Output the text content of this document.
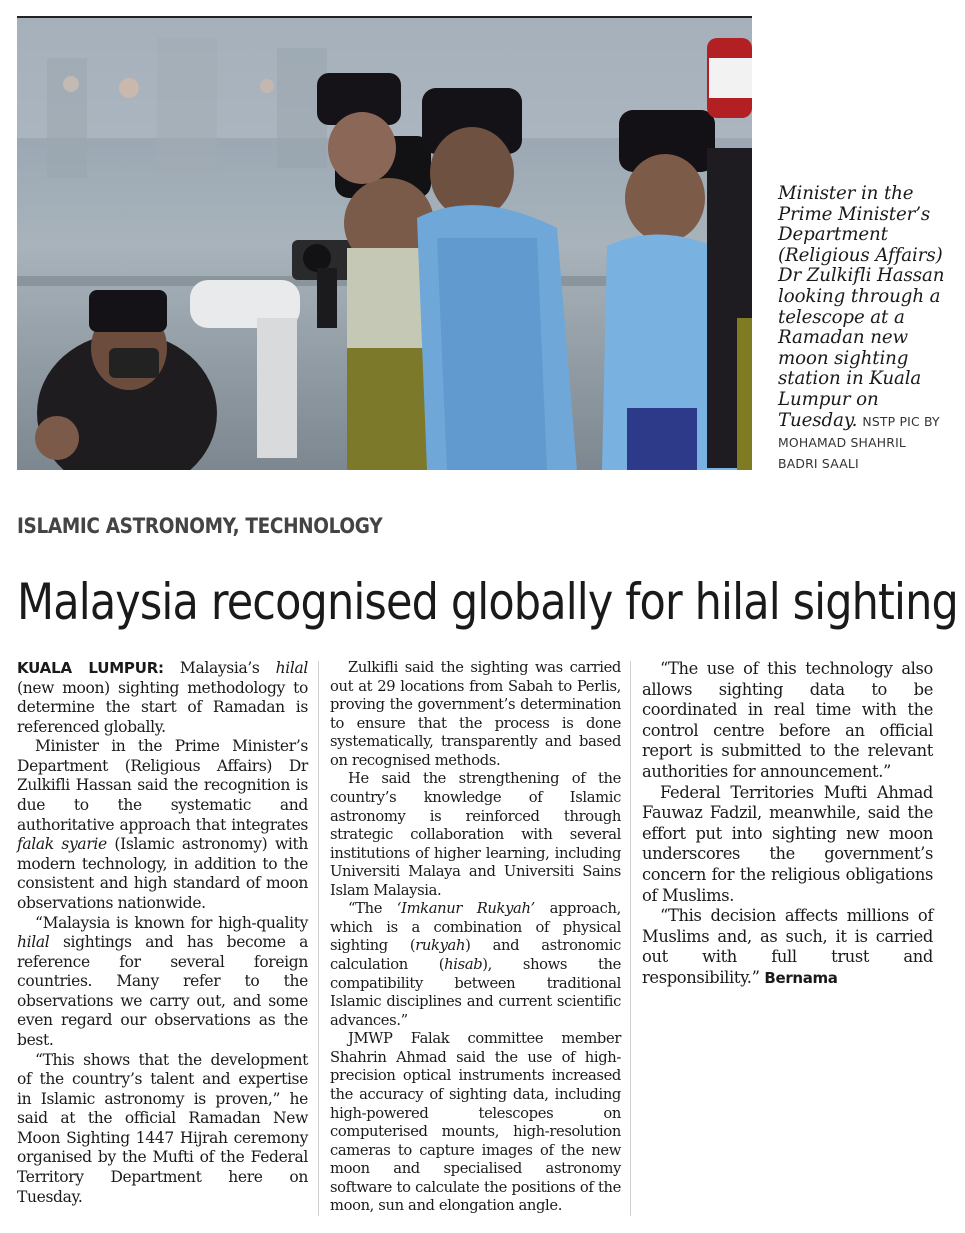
Minister in the Prime Minister’s Department (Religious Affairs) Dr Zulkifli Hassan looking through a telescope at a Ramadan new moon sighting station in Kuala Lumpur on Tuesday. NSTP PIC BY MOHAMAD SHAHRIL BADRI SAALI
ISLAMIC ASTRONOMY, TECHNOLOGY
Malaysia recognised globally for hilal sighting

KUALA LUMPUR: Malaysia’s hilal (new moon) sighting methodology to determine the start of Ramadan is referenced globally.

Minister in the Prime Minister’s Department (Religious Affairs) Dr Zulkifli Hassan said the recognition is due to the systematic and authoritative approach that integrates falak syarie (Islamic astronomy) with modern technology, in addition to the consistent and high standard of moon observations nationwide.

“Malaysia is known for high-quality hilal sightings and has become a reference for several foreign countries. Many refer to the observations we carry out, and some even regard our observations as the best.

“This shows that the development of the country’s talent and expertise in Islamic astronomy is proven,” he said at the official Ramadan New Moon Sighting 1447 Hijrah ceremony organised by the Mufti of the Federal Territory Department here on Tuesday.

Zulkifli said the sighting was carried out at 29 locations from Sabah to Perlis, proving the government’s determination to ensure that the process is done systematically, transparently and based on recognised methods.

He said the strengthening of the country’s knowledge of Islamic astronomy is reinforced through strategic collaboration with several institutions of higher learning, including Universiti Malaya and Universiti Sains Islam Malaysia.

“The ‘Imkanur Rukyah’ approach, which is a combination of physical sighting (rukyah) and astronomic calculation (hisab), shows the compatibility between traditional Islamic disciplines and current scientific advances.”

JMWP Falak committee member Shahrin Ahmad said the use of high-precision optical instruments increased the accuracy of sighting data, including high-powered telescopes on computerised mounts, high-resolution cameras to capture images of the new moon and specialised astronomy software to calculate the positions of the moon, sun and elongation angle.

“The use of this technology also allows sighting data to be coordinated in real time with the control centre before an official report is submitted to the relevant authorities for announcement.”

Federal Territories Mufti Ahmad Fauwaz Fadzil, meanwhile, said the effort put into sighting new moon underscores the government’s concern for the religious obligations of Muslims.

“This decision affects millions of Muslims and, as such, it is carried out with full trust and responsibility.” Bernama
